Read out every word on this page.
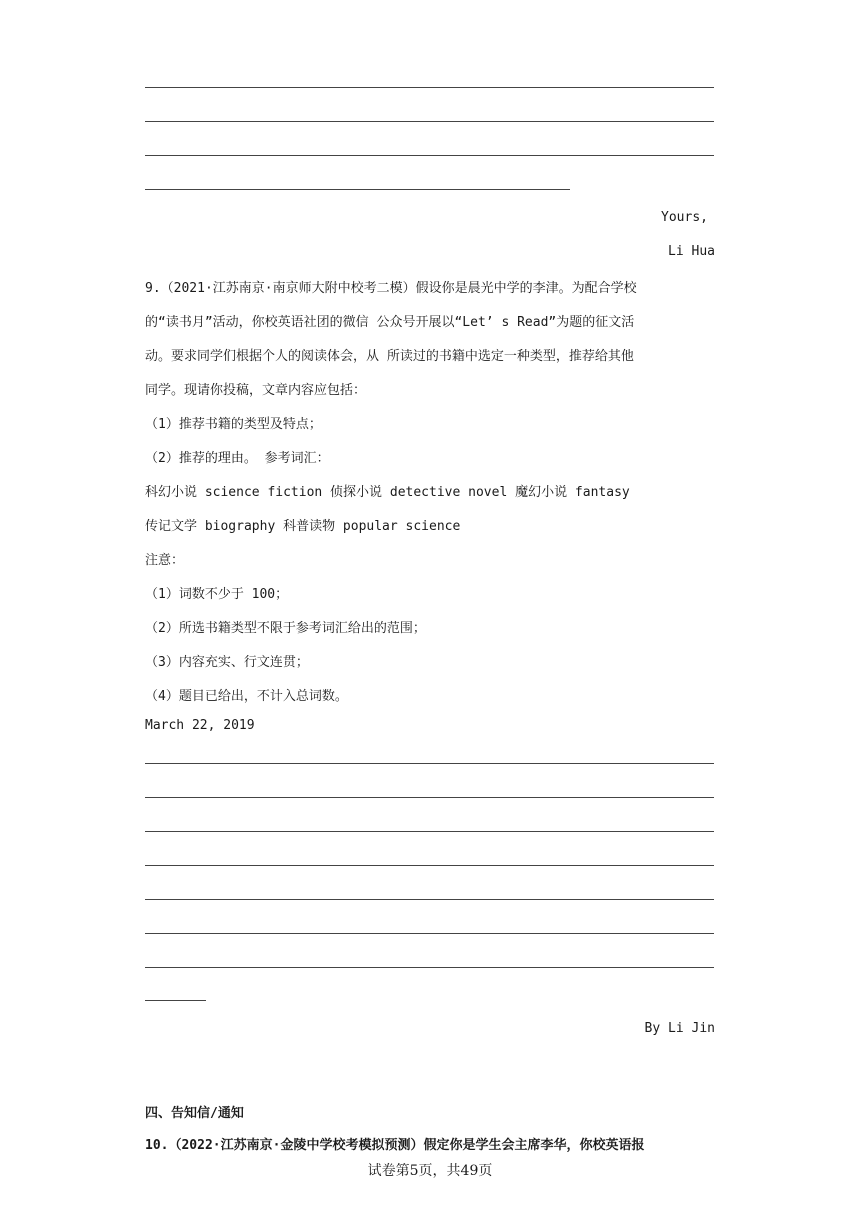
Yours,
Li Hua
9.（2021·江苏南京·南京师大附中校考二模）假设你是晨光中学的李津。为配合学校
的“读书月”活动，你校英语社团的微信 公众号开展以“Let’ s Read”为题的征文活
动。要求同学们根据个人的阅读体会，从 所读过的书籍中选定一种类型，推荐给其他
同学。现请你投稿，文章内容应包括：
（1）推荐书籍的类型及特点；
（2）推荐的理由。 参考词汇：
科幻小说 science fiction 侦探小说 detective novel 魔幻小说 fantasy
传记文学 biography 科普读物 popular science
注意：
（1）词数不少于 100；
（2）所选书籍类型不限于参考词汇给出的范围；
（3）内容充实、行文连贯；
（4）题目已给出，不计入总词数。
March 22, 2019
By Li Jin
四、告知信/通知
10.（2022·江苏南京·金陵中学校考模拟预测）假定你是学生会主席李华，你校英语报
试卷第5页，共49页
